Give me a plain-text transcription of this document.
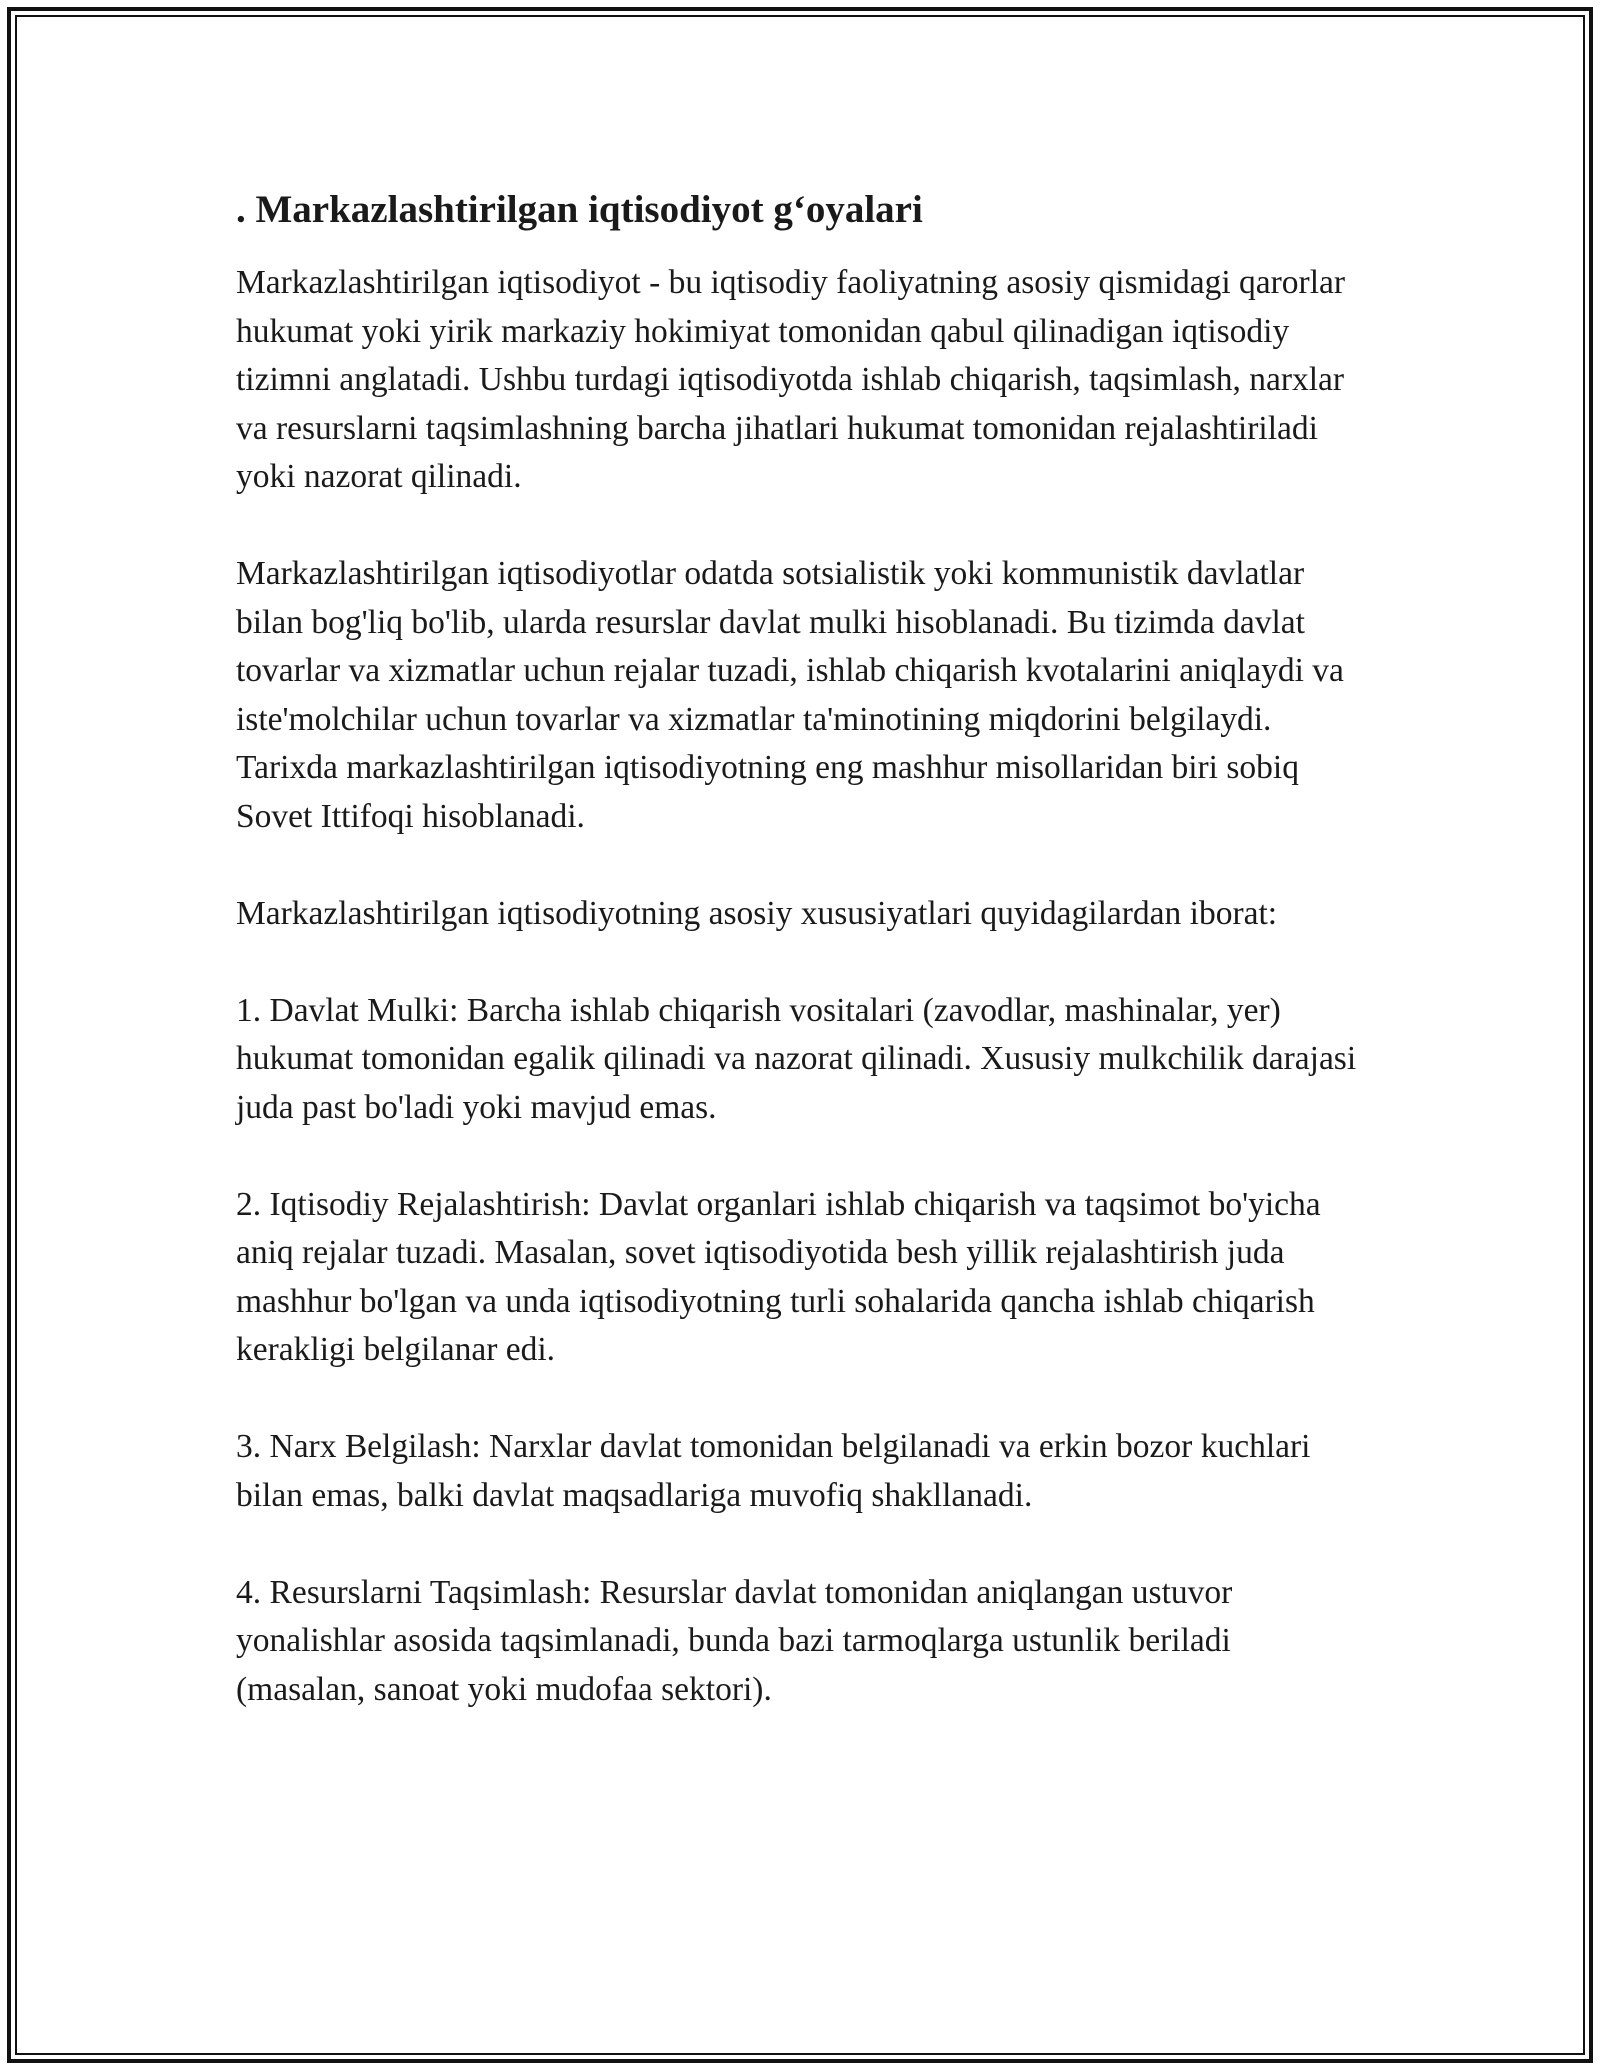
. Markazlashtirilgan iqtisodiyot g‘oyalari

Markazlashtirilgan iqtisodiyot - bu iqtisodiy faoliyatning asosiy qismidagi qarorlar hukumat yoki yirik markaziy hokimiyat tomonidan qabul qilinadigan iqtisodiy tizimni anglatadi. Ushbu turdagi iqtisodiyotda ishlab chiqarish, taqsimlash, narxlar va resurslarni taqsimlashning barcha jihatlari hukumat tomonidan rejalashtiriladi yoki nazorat qilinadi.

Markazlashtirilgan iqtisodiyotlar odatda sotsialistik yoki kommunistik davlatlar bilan bog'liq bo'lib, ularda resurslar davlat mulki hisoblanadi. Bu tizimda davlat tovarlar va xizmatlar uchun rejalar tuzadi, ishlab chiqarish kvotalarini aniqlaydi va iste'molchilar uchun tovarlar va xizmatlar ta'minotining miqdorini belgilaydi. Tarixda markazlashtirilgan iqtisodiyotning eng mashhur misollaridan biri sobiq Sovet Ittifoqi hisoblanadi.

Markazlashtirilgan iqtisodiyotning asosiy xususiyatlari quyidagilardan iborat:

1. Davlat Mulki: Barcha ishlab chiqarish vositalari (zavodlar, mashinalar, yer) hukumat tomonidan egalik qilinadi va nazorat qilinadi. Xususiy mulkchilik darajasi juda past bo'ladi yoki mavjud emas.

2. Iqtisodiy Rejalashtirish: Davlat organlari ishlab chiqarish va taqsimot bo'yicha aniq rejalar tuzadi. Masalan, sovet iqtisodiyotida besh yillik rejalashtirish juda mashhur bo'lgan va unda iqtisodiyotning turli sohalarida qancha ishlab chiqarish kerakligi belgilanar edi.

3. Narx Belgilash: Narxlar davlat tomonidan belgilanadi va erkin bozor kuchlari bilan emas, balki davlat maqsadlariga muvofiq shakllanadi.

4. Resurslarni Taqsimlash: Resurslar davlat tomonidan aniqlangan ustuvor yonalishlar asosida taqsimlanadi, bunda bazi tarmoqlarga ustunlik beriladi (masalan, sanoat yoki mudofaa sektori).
